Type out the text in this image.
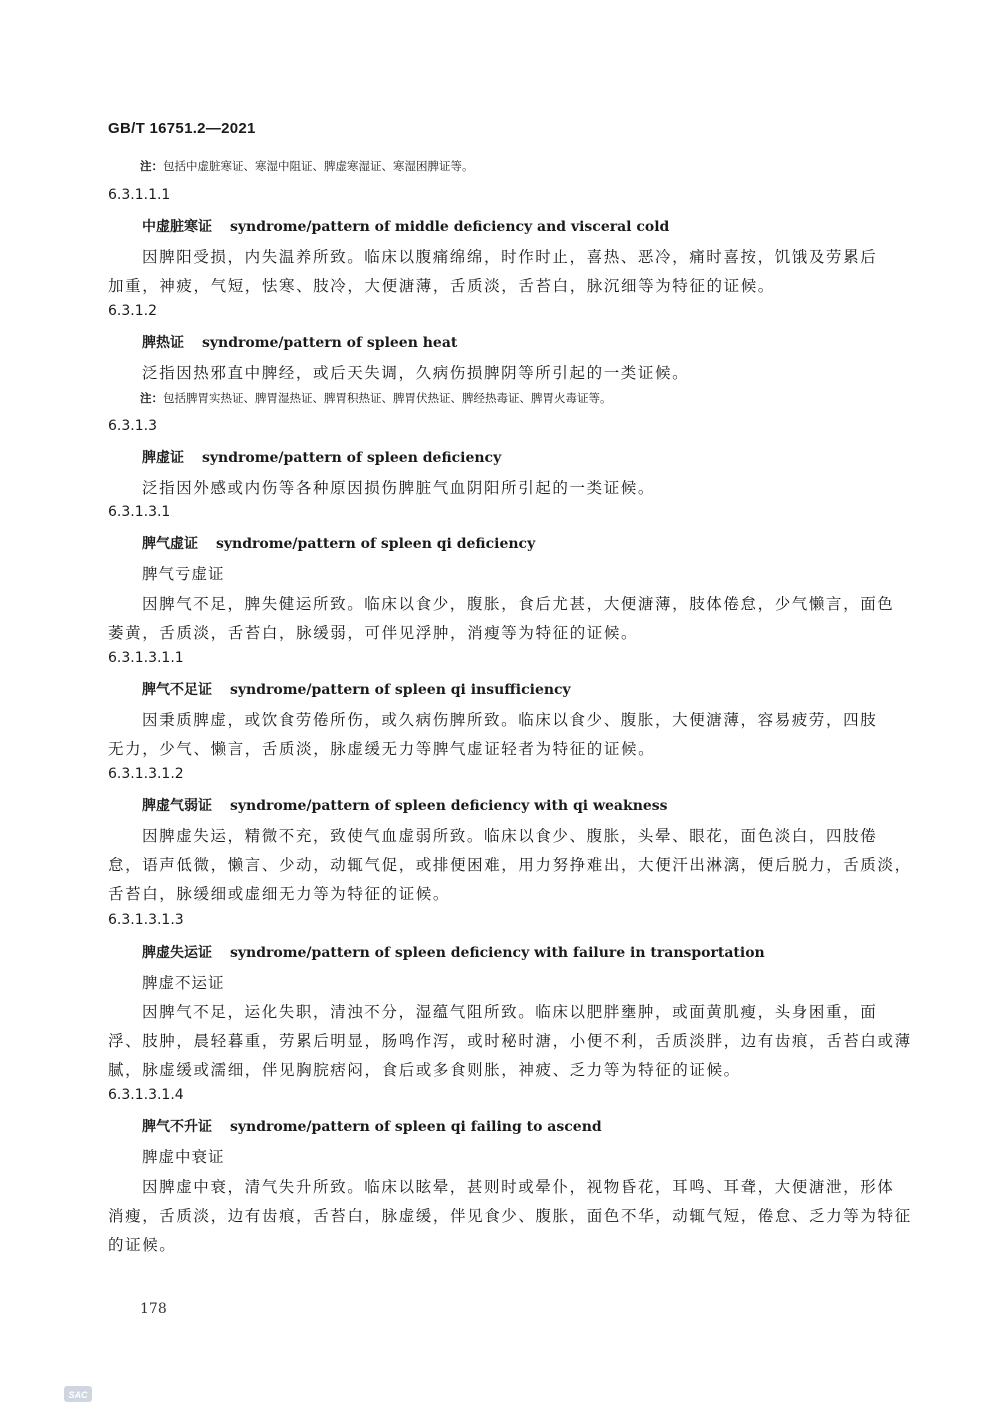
GB/T 16751.2—2021
注：包括中虚脏寒证、寒湿中阻证、脾虚寒湿证、寒湿困脾证等。
6.3.1.1.1
中虚脏寒证 syndrome/pattern of middle deficiency and visceral cold
因脾阳受损，内失温养所致。临床以腹痛绵绵，时作时止，喜热、恶冷，痛时喜按，饥饿及劳累后
加重，神疲，气短，怯寒、肢冷，大便溏薄，舌质淡，舌苔白，脉沉细等为特征的证候。
6.3.1.2
脾热证 syndrome/pattern of spleen heat
泛指因热邪直中脾经，或后天失调，久病伤损脾阴等所引起的一类证候。
注：包括脾胃实热证、脾胃湿热证、脾胃积热证、脾胃伏热证、脾经热毒证、脾胃火毒证等。
6.3.1.3
脾虚证 syndrome/pattern of spleen deficiency
泛指因外感或内伤等各种原因损伤脾脏气血阴阳所引起的一类证候。
6.3.1.3.1
脾气虚证 syndrome/pattern of spleen qi deficiency
脾气亏虚证
因脾气不足，脾失健运所致。临床以食少，腹胀，食后尤甚，大便溏薄，肢体倦怠，少气懒言，面色
萎黄，舌质淡，舌苔白，脉缓弱，可伴见浮肿，消瘦等为特征的证候。
6.3.1.3.1.1
脾气不足证 syndrome/pattern of spleen qi insufficiency
因秉质脾虚，或饮食劳倦所伤，或久病伤脾所致。临床以食少、腹胀，大便溏薄，容易疲劳，四肢
无力，少气、懒言，舌质淡，脉虚缓无力等脾气虚证轻者为特征的证候。
6.3.1.3.1.2
脾虚气弱证 syndrome/pattern of spleen deficiency with qi weakness
因脾虚失运，精微不充，致使气血虚弱所致。临床以食少、腹胀，头晕、眼花，面色淡白，四肢倦
怠，语声低微，懒言、少动，动辄气促，或排便困难，用力努挣难出，大便汗出淋漓，便后脱力，舌质淡，
舌苔白，脉缓细或虚细无力等为特征的证候。
6.3.1.3.1.3
脾虚失运证 syndrome/pattern of spleen deficiency with failure in transportation
脾虚不运证
因脾气不足，运化失职，清浊不分，湿蕴气阻所致。临床以肥胖壅肿，或面黄肌瘦，头身困重，面
浮、肢肿，晨轻暮重，劳累后明显，肠鸣作泻，或时秘时溏，小便不利，舌质淡胖，边有齿痕，舌苔白或薄
腻，脉虚缓或濡细，伴见胸脘痞闷，食后或多食则胀，神疲、乏力等为特征的证候。
6.3.1.3.1.4
脾气不升证 syndrome/pattern of spleen qi failing to ascend
脾虚中衰证
因脾虚中衰，清气失升所致。临床以眩晕，甚则时或晕仆，视物昏花，耳鸣、耳聋，大便溏泄，形体
消瘦，舌质淡，边有齿痕，舌苔白，脉虚缓，伴见食少、腹胀，面色不华，动辄气短，倦怠、乏力等为特征
的证候。
178
SAC
